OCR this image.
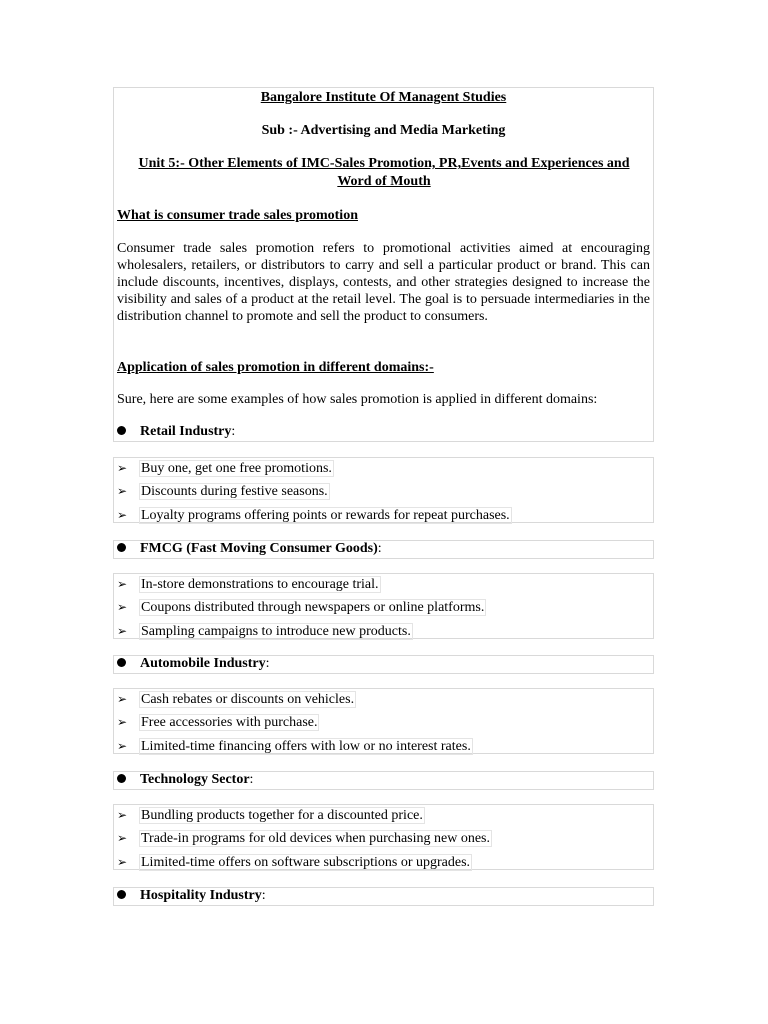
Bangalore Institute Of Managent Studies

Sub :- Advertising and Media Marketing

Unit 5:- Other Elements of IMC-Sales Promotion, PR,Events and Experiences and Word of Mouth

What is consumer trade sales promotion

Consumer trade sales promotion refers to promotional activities aimed at encouraging wholesalers, retailers, or distributors to carry and sell a particular product or brand. This can include discounts, incentives, displays, contests, and other strategies designed to increase the visibility and sales of a product at the retail level. The goal is to persuade intermediaries in the distribution channel to promote and sell the product to consumers.

Application of sales promotion in different domains:-

Sure, here are some examples of how sales promotion is applied in different domains:

Retail Industry:
➢ Buy one, get one free promotions.
➢ Discounts during festive seasons.
➢ Loyalty programs offering points or rewards for repeat purchases.
FMCG (Fast Moving Consumer Goods):
➢ In-store demonstrations to encourage trial.
➢ Coupons distributed through newspapers or online platforms.
➢ Sampling campaigns to introduce new products.
Automobile Industry:
➢ Cash rebates or discounts on vehicles.
➢ Free accessories with purchase.
➢ Limited-time financing offers with low or no interest rates.
Technology Sector:
➢ Bundling products together for a discounted price.
➢ Trade-in programs for old devices when purchasing new ones.
➢ Limited-time offers on software subscriptions or upgrades.
Hospitality Industry:
